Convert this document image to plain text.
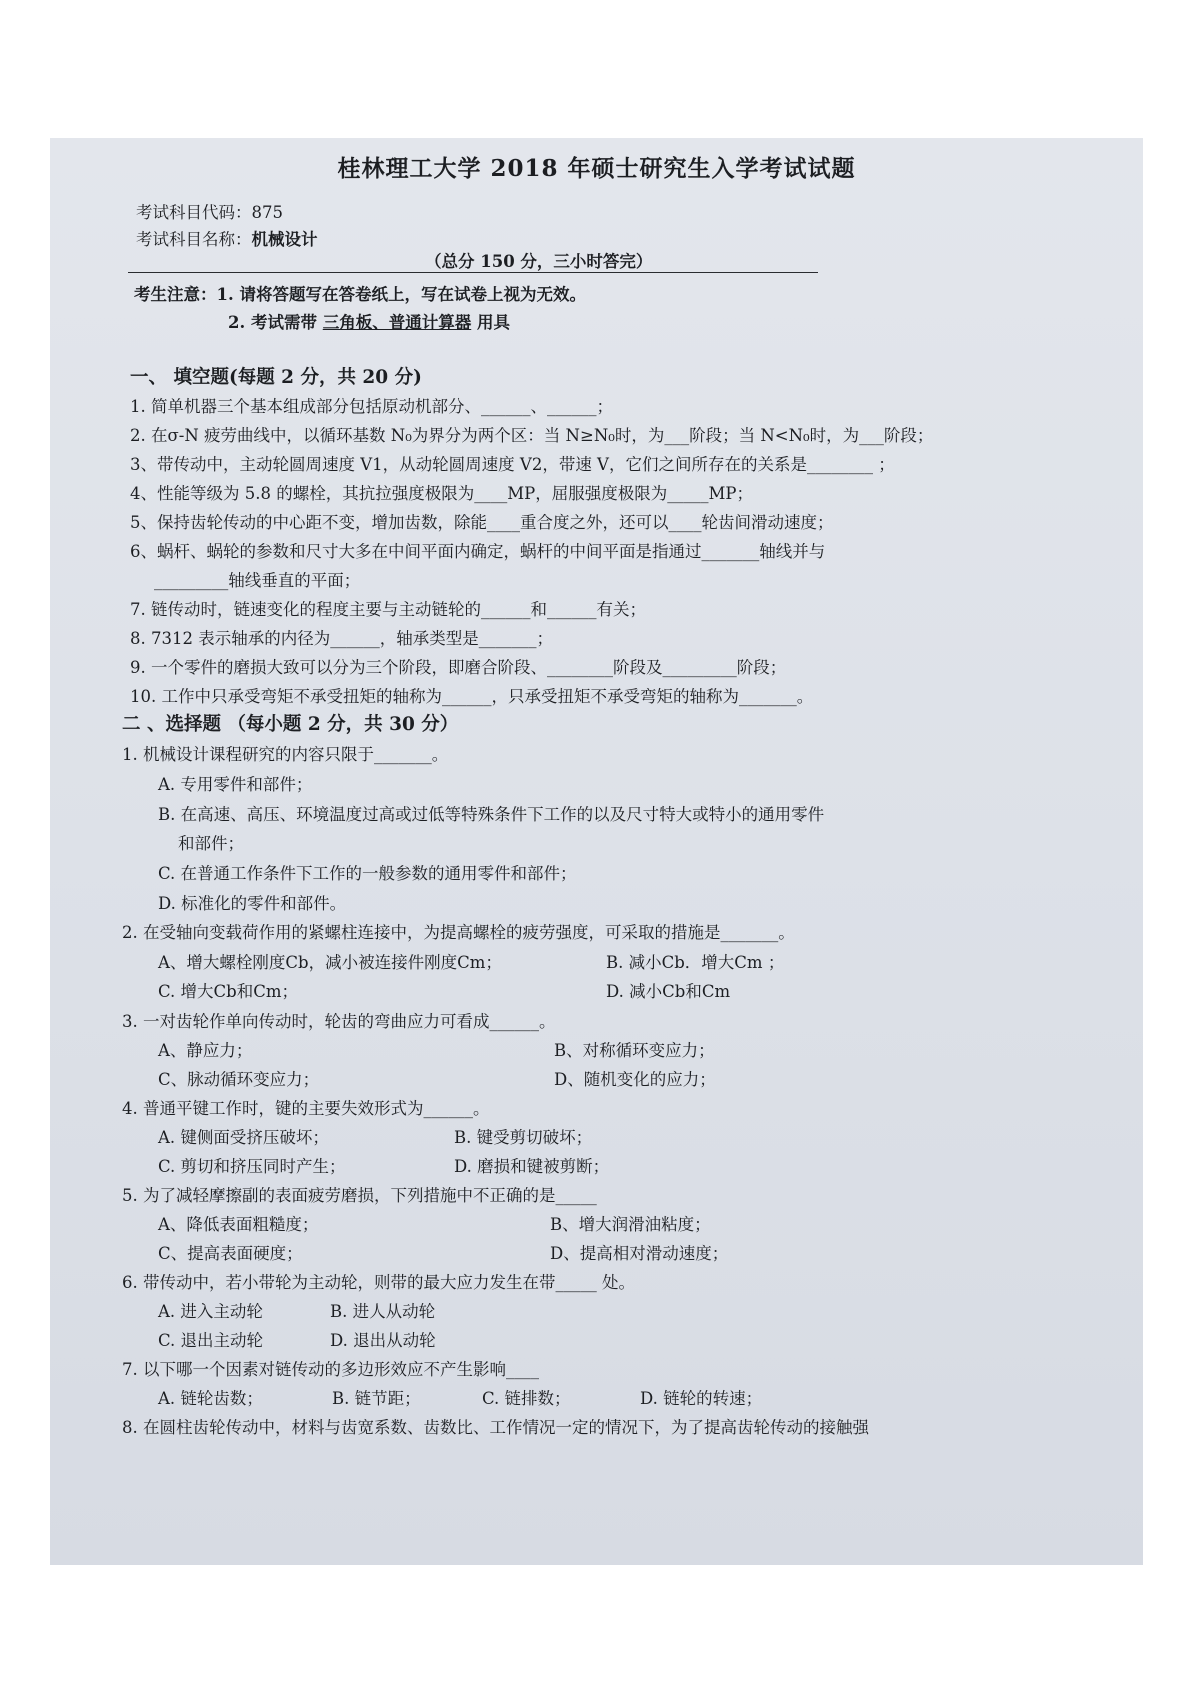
桂林理工大学 2018 年硕士研究生入学考试试题
考试科目代码：875
考试科目名称：机械设计
（总分 150 分，三小时答完）
考生注意：1. 请将答题写在答卷纸上，写在试卷上视为无效。
2. 考试需带 三角板、普通计算器 用具
一、 填空题(每题 2 分，共 20 分)
1. 简单机器三个基本组成部分包括原动机部分、______、______；
2. 在σ-N 疲劳曲线中，以循环基数 N₀为界分为两个区：当 N≥N₀时，为___阶段；当 N<N₀时，为___阶段；
3、带传动中，主动轮圆周速度 V1，从动轮圆周速度 V2，带速 V，它们之间所存在的关系是________ ；
4、性能等级为 5.8 的螺栓，其抗拉强度极限为____MP，屈服强度极限为_____MP；
5、保持齿轮传动的中心距不变，增加齿数，除能____重合度之外，还可以____轮齿间滑动速度；
6、蜗杆、蜗轮的参数和尺寸大多在中间平面内确定，蜗杆的中间平面是指通过_______轴线并与
_________轴线垂直的平面；
7. 链传动时，链速变化的程度主要与主动链轮的______和______有关；
8. 7312 表示轴承的内径为______，轴承类型是_______；
9. 一个零件的磨损大致可以分为三个阶段，即磨合阶段、________阶段及_________阶段；
10. 工作中只承受弯矩不承受扭矩的轴称为______，只承受扭矩不承受弯矩的轴称为_______。
二 、选择题 （每小题 2 分，共 30 分）
1. 机械设计课程研究的内容只限于_______。
A. 专用零件和部件；
B. 在高速、高压、环境温度过高或过低等特殊条件下工作的以及尺寸特大或特小的通用零件
和部件；
C. 在普通工作条件下工作的一般参数的通用零件和部件；
D. 标准化的零件和部件。
2. 在受轴向变载荷作用的紧螺柱连接中，为提高螺栓的疲劳强度，可采取的措施是_______。
A、增大螺栓刚度Cb，减小被连接件刚度Cm；	B. 减小Cb．增大Cm ；
C. 增大Cb和Cm；	D. 减小Cb和Cm
3. 一对齿轮作单向传动时，轮齿的弯曲应力可看成______。
A、静应力；	B、对称循环变应力；
C、脉动循环变应力；	D、随机变化的应力；
4. 普通平键工作时，键的主要失效形式为______。
A. 键侧面受挤压破坏；	B. 键受剪切破坏；
C. 剪切和挤压同时产生；	D. 磨损和键被剪断；
5. 为了减轻摩擦副的表面疲劳磨损，下列措施中不正确的是_____
A、降低表面粗糙度；	B、增大润滑油粘度；
C、提高表面硬度；	D、提高相对滑动速度；
6. 带传动中，若小带轮为主动轮，则带的最大应力发生在带_____ 处。
A. 进入主动轮	B. 进人从动轮
C. 退出主动轮	D. 退出从动轮
7. 以下哪一个因素对链传动的多边形效应不产生影响____
A. 链轮齿数；	B. 链节距；	C. 链排数；	D. 链轮的转速；
8. 在圆柱齿轮传动中，材料与齿宽系数、齿数比、工作情况一定的情况下，为了提高齿轮传动的接触强
